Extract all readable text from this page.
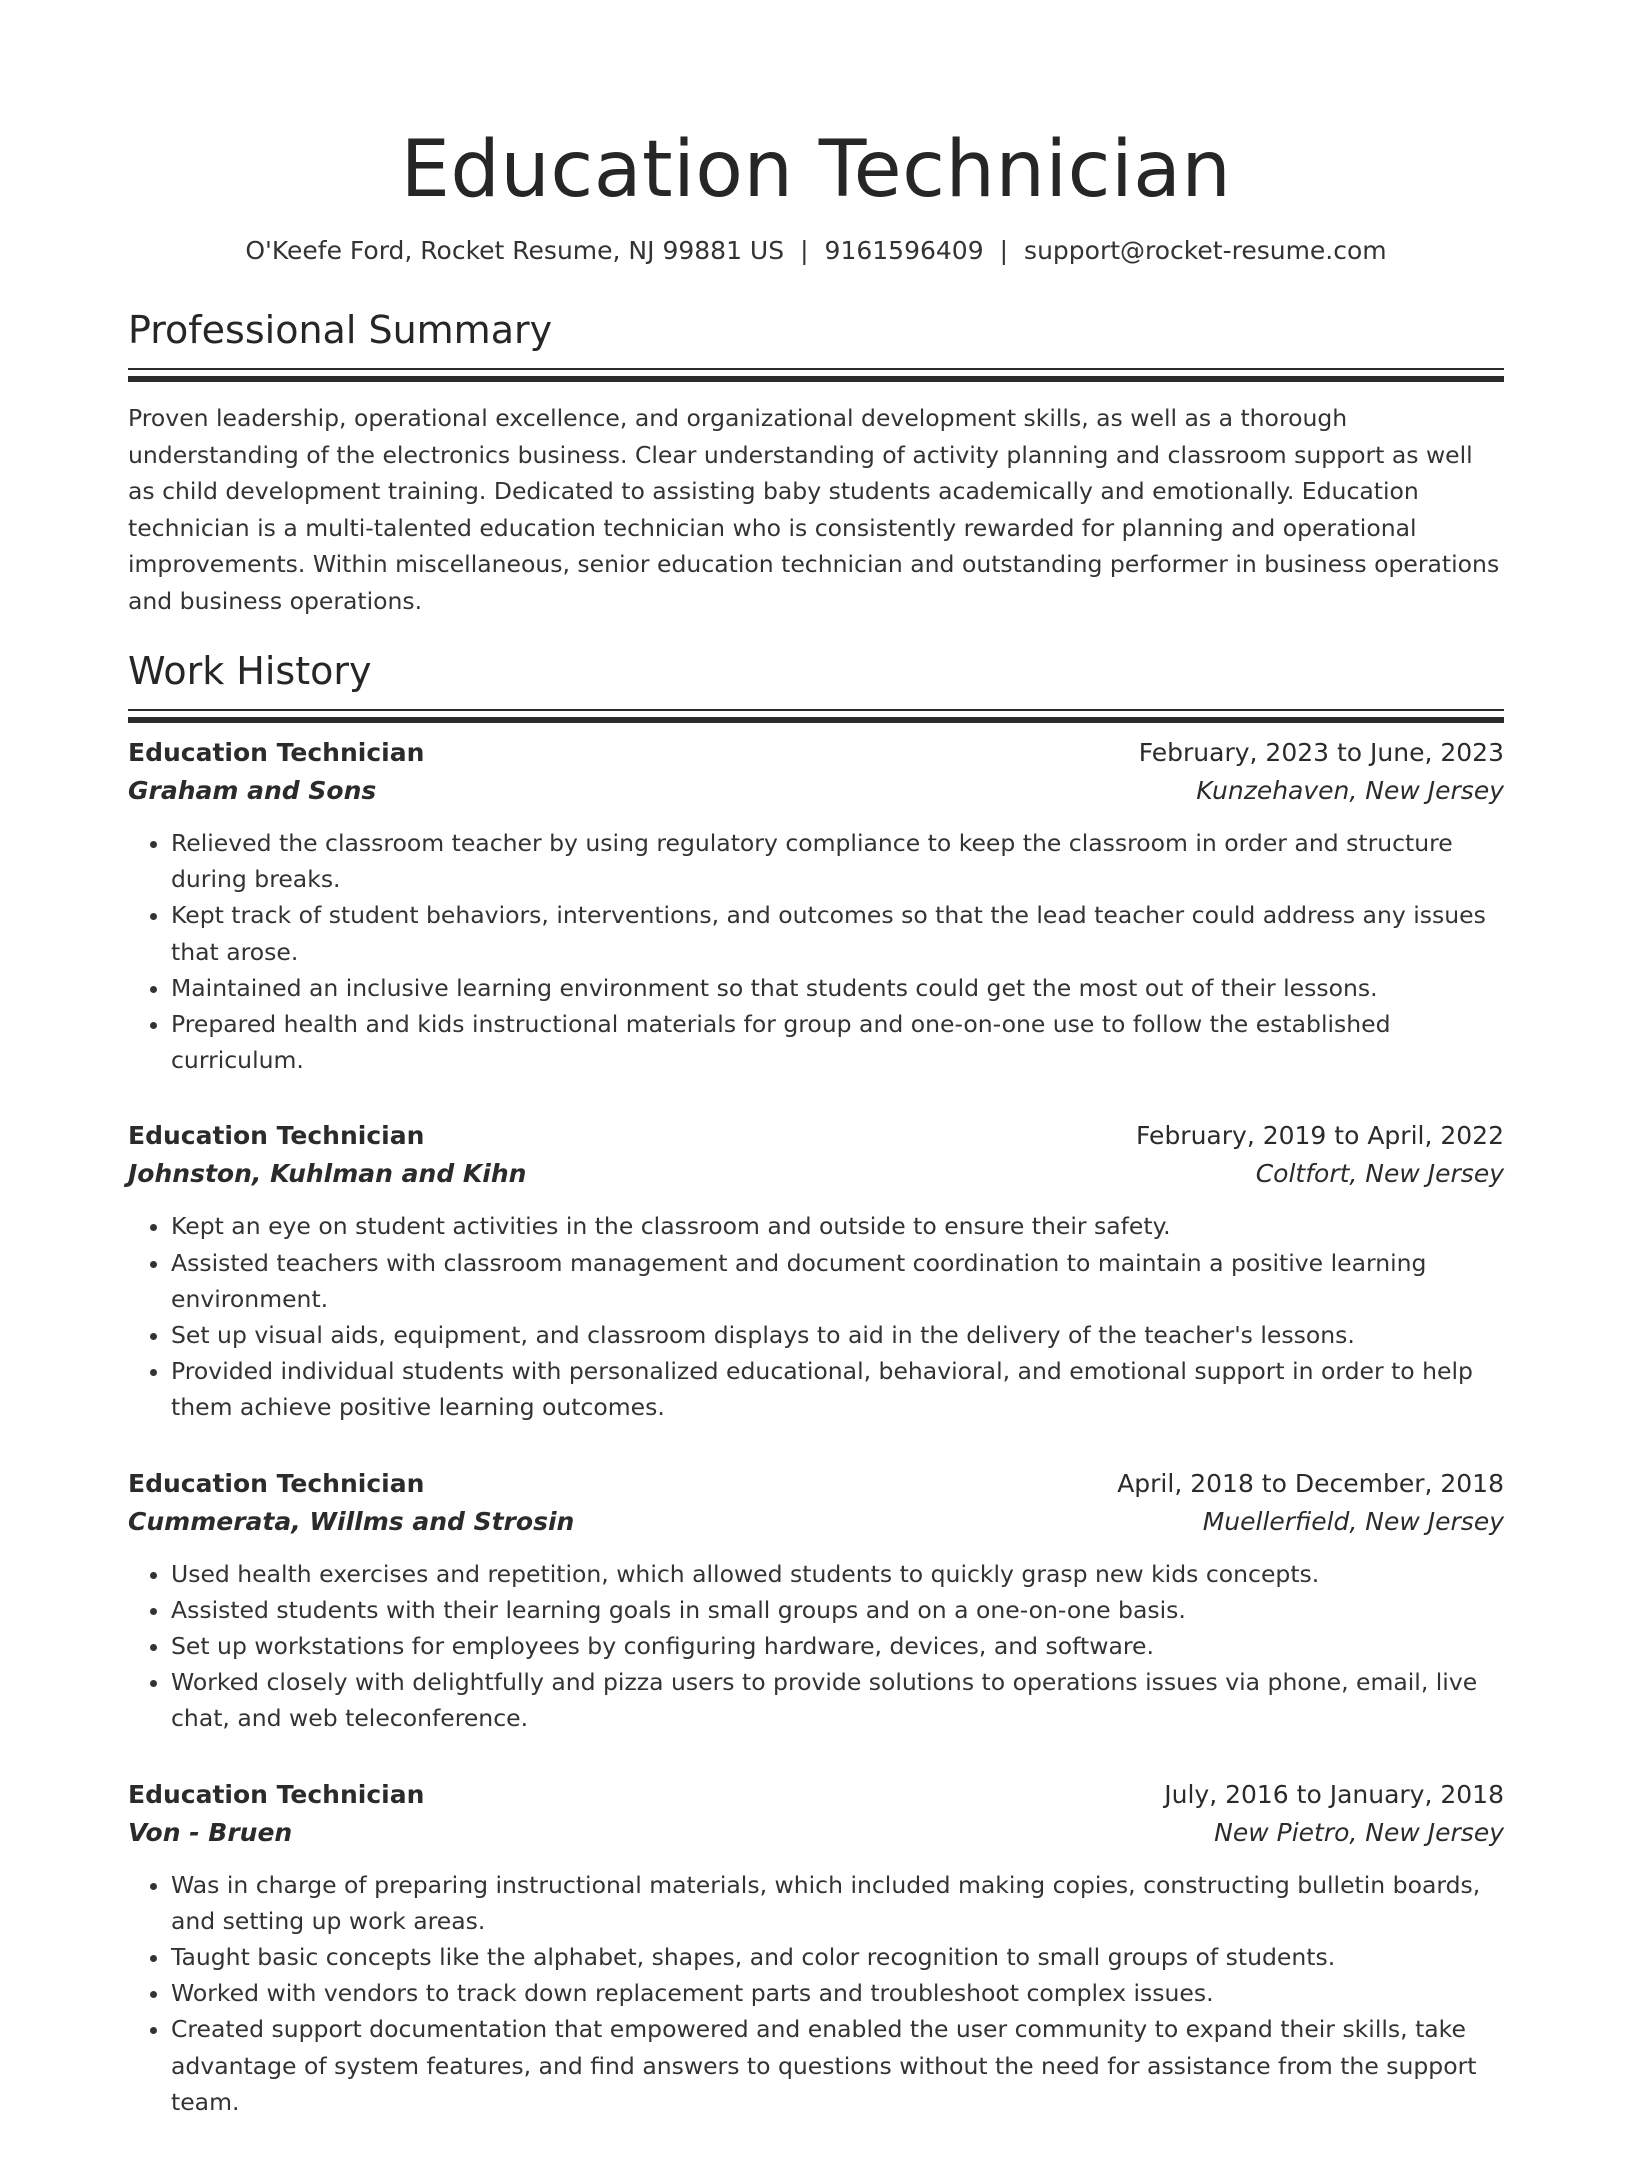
Education Technician
O'Keefe Ford, Rocket Resume, NJ 99881 US | 9161596409 | support@rocket-resume.com
Professional Summary

Proven leadership, operational excellence, and organizational development skills, as well as a thorough understanding of the electronics business. Clear understanding of activity planning and classroom support as well as child development training. Dedicated to assisting baby students academically and emotionally. Education technician is a multi-talented education technician who is consistently rewarded for planning and operational improvements. Within miscellaneous, senior education technician and outstanding performer in business operations and business operations.

Work History
Education Technician	February, 2023 to June, 2023
Graham and Sons	Kunzehaven, New Jersey
• Relieved the classroom teacher by using regulatory compliance to keep the classroom in order and structure during breaks.
• Kept track of student behaviors, interventions, and outcomes so that the lead teacher could address any issues that arose.
• Maintained an inclusive learning environment so that students could get the most out of their lessons.
• Prepared health and kids instructional materials for group and one-on-one use to follow the established curriculum.
Education Technician	February, 2019 to April, 2022
Johnston, Kuhlman and Kihn	Coltfort, New Jersey
• Kept an eye on student activities in the classroom and outside to ensure their safety.
• Assisted teachers with classroom management and document coordination to maintain a positive learning environment.
• Set up visual aids, equipment, and classroom displays to aid in the delivery of the teacher's lessons.
• Provided individual students with personalized educational, behavioral, and emotional support in order to help them achieve positive learning outcomes.
Education Technician	April, 2018 to December, 2018
Cummerata, Willms and Strosin	Muellerfield, New Jersey
• Used health exercises and repetition, which allowed students to quickly grasp new kids concepts.
• Assisted students with their learning goals in small groups and on a one-on-one basis.
• Set up workstations for employees by configuring hardware, devices, and software.
• Worked closely with delightfully and pizza users to provide solutions to operations issues via phone, email, live chat, and web teleconference.
Education Technician	July, 2016 to January, 2018
Von - Bruen	New Pietro, New Jersey
• Was in charge of preparing instructional materials, which included making copies, constructing bulletin boards, and setting up work areas.
• Taught basic concepts like the alphabet, shapes, and color recognition to small groups of students.
• Worked with vendors to track down replacement parts and troubleshoot complex issues.
• Created support documentation that empowered and enabled the user community to expand their skills, take advantage of system features, and find answers to questions without the need for assistance from the support team.
